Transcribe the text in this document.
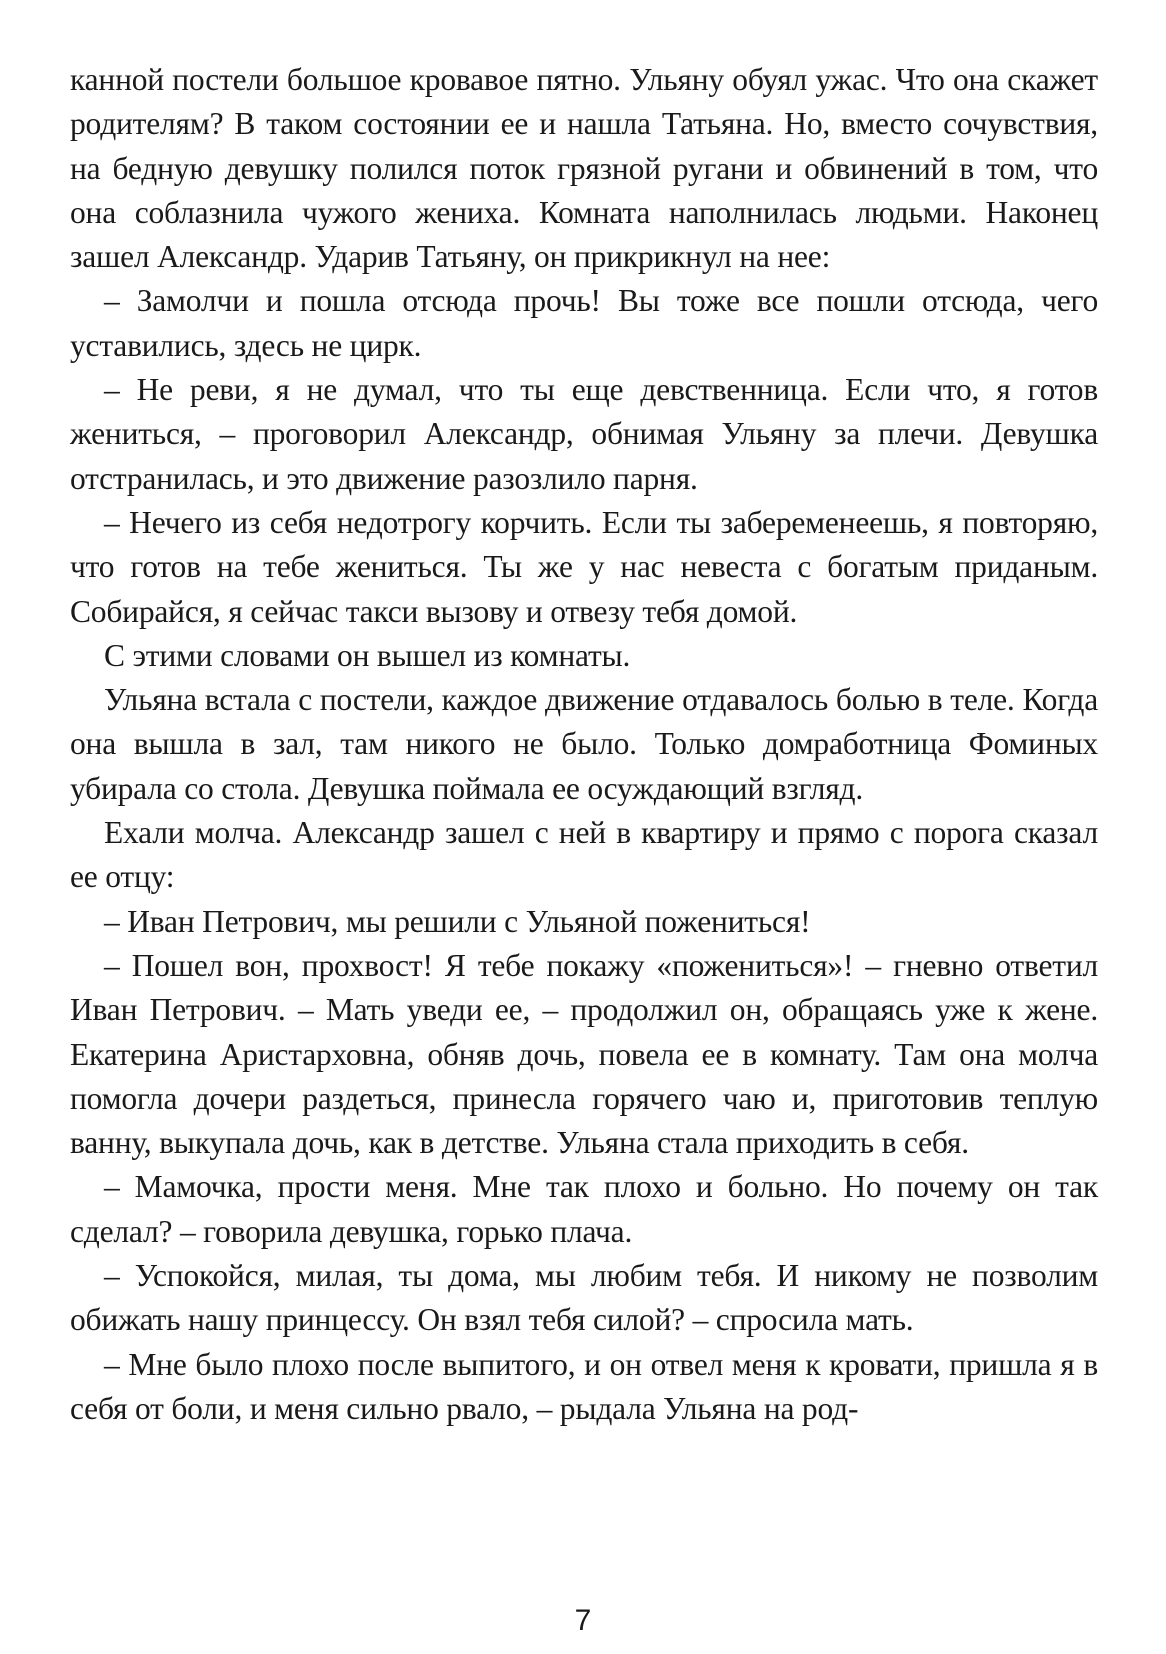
канной постели большое кровавое пятно. Ульяну обуял ужас. Что она скажет родителям? В таком состоянии ее и нашла Татьяна. Но, вместо сочувствия, на бедную девушку полился поток грязной ругани и обвинений в том, что она соблазнила чужого жениха. Комната наполнилась людьми. Наконец зашел Александр. Ударив Татьяну, он прикрикнул на нее:

– Замолчи и пошла отсюда прочь! Вы тоже все пошли отсюда, чего уставились, здесь не цирк.

– Не реви, я не думал, что ты еще девственница. Если что, я готов жениться, – проговорил Александр, обнимая Ульяну за плечи. Девушка отстранилась, и это движение разозлило парня.

– Нечего из себя недотрогу корчить. Если ты забеременеешь, я повторяю, что готов на тебе жениться. Ты же у нас невеста с богатым приданым. Собирайся, я сейчас такси вызову и отвезу тебя домой.

С этими словами он вышел из комнаты.

Ульяна встала с постели, каждое движение отдавалось болью в теле. Когда она вышла в зал, там никого не было. Только домработница Фоминых убирала со стола. Девушка поймала ее осуждающий взгляд.

Ехали молча. Александр зашел с ней в квартиру и прямо с порога сказал ее отцу:

– Иван Петрович, мы решили с Ульяной пожениться!

– Пошел вон, прохвост! Я тебе покажу «пожениться»! – гневно ответил Иван Петрович. – Мать уведи ее, – продолжил он, обращаясь уже к жене. Екатерина Аристарховна, обняв дочь, повела ее в комнату. Там она молча помогла дочери раздеться, принесла горячего чаю и, приготовив теплую ванну, выкупала дочь, как в детстве. Ульяна стала приходить в себя.

– Мамочка, прости меня. Мне так плохо и больно. Но почему он так сделал? – говорила девушка, горько плача.

– Успокойся, милая, ты дома, мы любим тебя. И никому не позволим обижать нашу принцессу. Он взял тебя силой? – спросила мать.

– Мне было плохо после выпитого, и он отвел меня к кровати, пришла я в себя от боли, и меня сильно рвало, – рыдала Ульяна на род-

7
